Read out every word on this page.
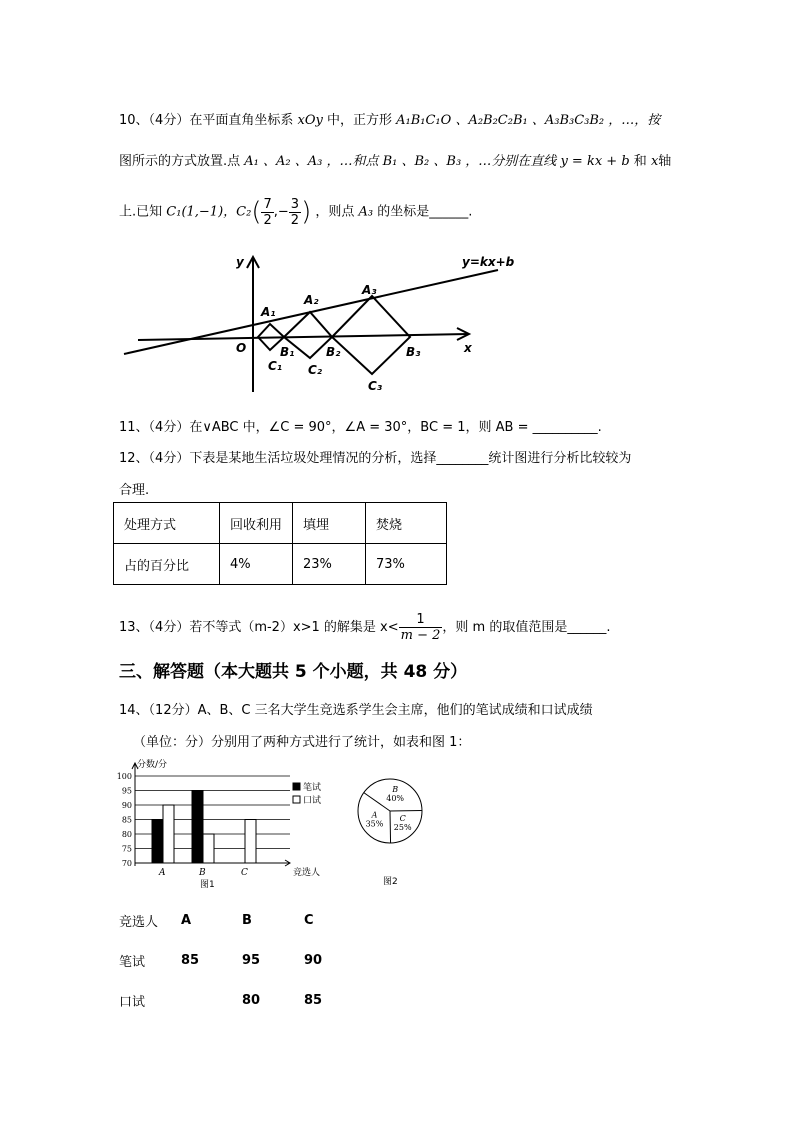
10、（4分）在平面直角坐标系 xOy 中，正方形 A₁B₁C₁O 、A₂B₂C₂B₁ 、A₃B₃C₃B₂ ，…，按
图所示的方式放置.点 A₁ 、A₂ 、A₃ ，…和点 B₁ 、B₂ 、B₃ ，…分别在直线 y = kx + b 和 x轴
上.已知 C₁(1,−1)，$C_2( \frac{7}{2}$ ,− $\frac{3}{2}$ ) ，则点 A₃ 的坐标是______.
y
x
y=kx+b
O
A₁
A₂
A₃
B₁	B₂	B₃
C₁ C₂
C₃
11、（4分）在∨ABC 中，∠C = 90°，∠A = 30°，BC = 1，则 AB = __________.
12、（4分）下表是某地生活垃圾处理情况的分析，选择________统计图进行分析比较较为
合理.
处理方式	回收利用	填埋	焚烧
占的百分比	4%	23%	73%
13、（4分）若不等式（m-2）x>1 的解集是 $x< \frac{1}{m - 2}$ ，则 m 的取值范围是______.
三、解答题（本大题共 5 个小题，共 48 分）
14、（12分）A、B、C 三名大学生竞选系学生会主席，他们的笔试成绩和口试成绩
（单位：分）分别用了两种方式进行了统计，如表和图 1：
100
95
90
85
80
75
70
分数/分
竞选人
A	B	C
笔试
口试
图1
B
40%
A
35%
C
25%
图2
竞选人	A	B	C

笔试	85	95	90

口试		80	85
